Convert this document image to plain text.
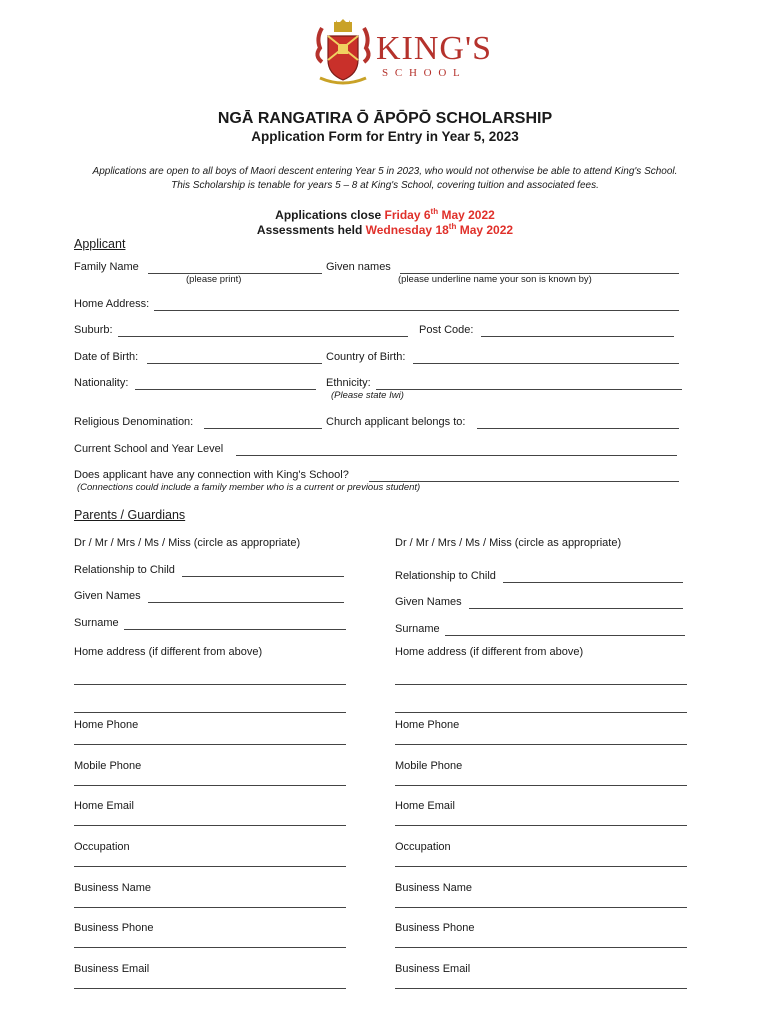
KING'S
S C H O O L
NGĀ RANGATIRA Ō ĀPŌPŌ SCHOLARSHIP
Application Form for Entry in Year 5, 2023
Applications are open to all boys of Maori descent entering Year 5 in 2023, who would not otherwise be able to attend King's School.
This Scholarship is tenable for years 5 – 8 at King's School, covering tuition and associated fees.
Applications close Friday 6th May 2022
Assessments held Wednesday 18th May 2022
Applicant
Family Name
(please print)
Given names
(please underline name your son is known by)
Home Address:
Suburb:	Post Code:
Date of Birth:	Country of Birth:
Nationality:	Ethnicity:
(Please state Iwi)
Religious Denomination:	Church applicant belongs to:
Current School and Year Level
Does applicant have any connection with King's School?
(Connections could include a family member who is a current or previous student)
Parents / Guardians
Dr / Mr / Mrs / Ms / Miss (circle as appropriate)
Relationship to Child
Given Names
Surname
Home address (if different from above)
Home Phone
Mobile Phone
Home Email
Occupation
Business Name
Business Phone
Business Email
Dr / Mr / Mrs / Ms / Miss (circle as appropriate)
Relationship to Child
Given Names
Surname
Home address (if different from above)
Home Phone
Mobile Phone
Home Email
Occupation
Business Name
Business Phone
Business Email
